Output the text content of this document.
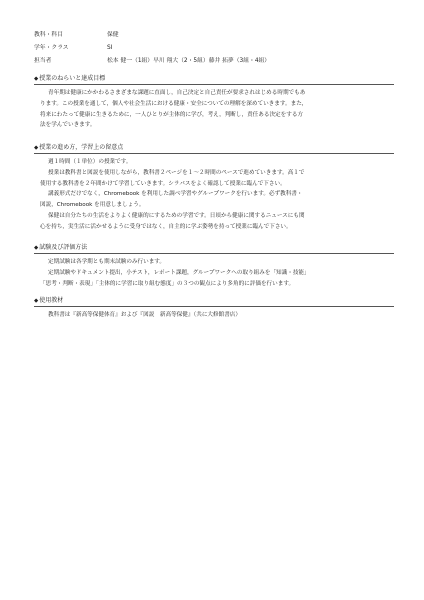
教科・科目	保健
学年・クラス	SI
担当者	松本 健一（1組）早川 翔大（2・5組）藤井 拓夢（3組・4組）
◆授業のねらいと達成目標

青年期は健康にかかわるさまざまな課題に直面し，自己決定と自己責任が要求されはじめる時期でもあ

ります。この授業を通して，個人や社会生活における健康・安全についての理解を深めていきます。また，

将来にわたって健康に生きるために，一人ひとりが主体的に学び，考え，判断し，責任ある決定をする方

法を学んでいきます。

◆授業の進め方，学習上の留意点

週１時間（１単位）の授業です。

授業は教科書と図説を使用しながら，教科書２ページを１～２時間のペースで進めていきます。高１で

使用する教科書を２年間かけて学習していきます。シラバスをよく確認して授業に臨んで下さい。

講義形式だけでなく，Chromebook を利用した調べ学習やグループワークを行います。必ず教科書・

図説，Chromebook を用意しましょう。

保健は自分たちの生活をよりよく健康的にするための学習です。日頃から健康に関するニュースにも関

心を持ち，実生活に活かせるように受身ではなく，自主的に学ぶ姿勢を持って授業に臨んで下さい。

◆試験及び評価方法

定期試験は各学期とも期末試験のみ行います。

定期試験やドキュメント提出，小テスト，レポート課題，グループワークへの取り組みを「知識・技能」

「思考・判断・表現」「主体的に学習に取り組む態度」の３つの観点により多角的に評価を行います。

◆使用教材

教科書は『新高等保健体育』および『図説　新高等保健』（共に大修館書店）
